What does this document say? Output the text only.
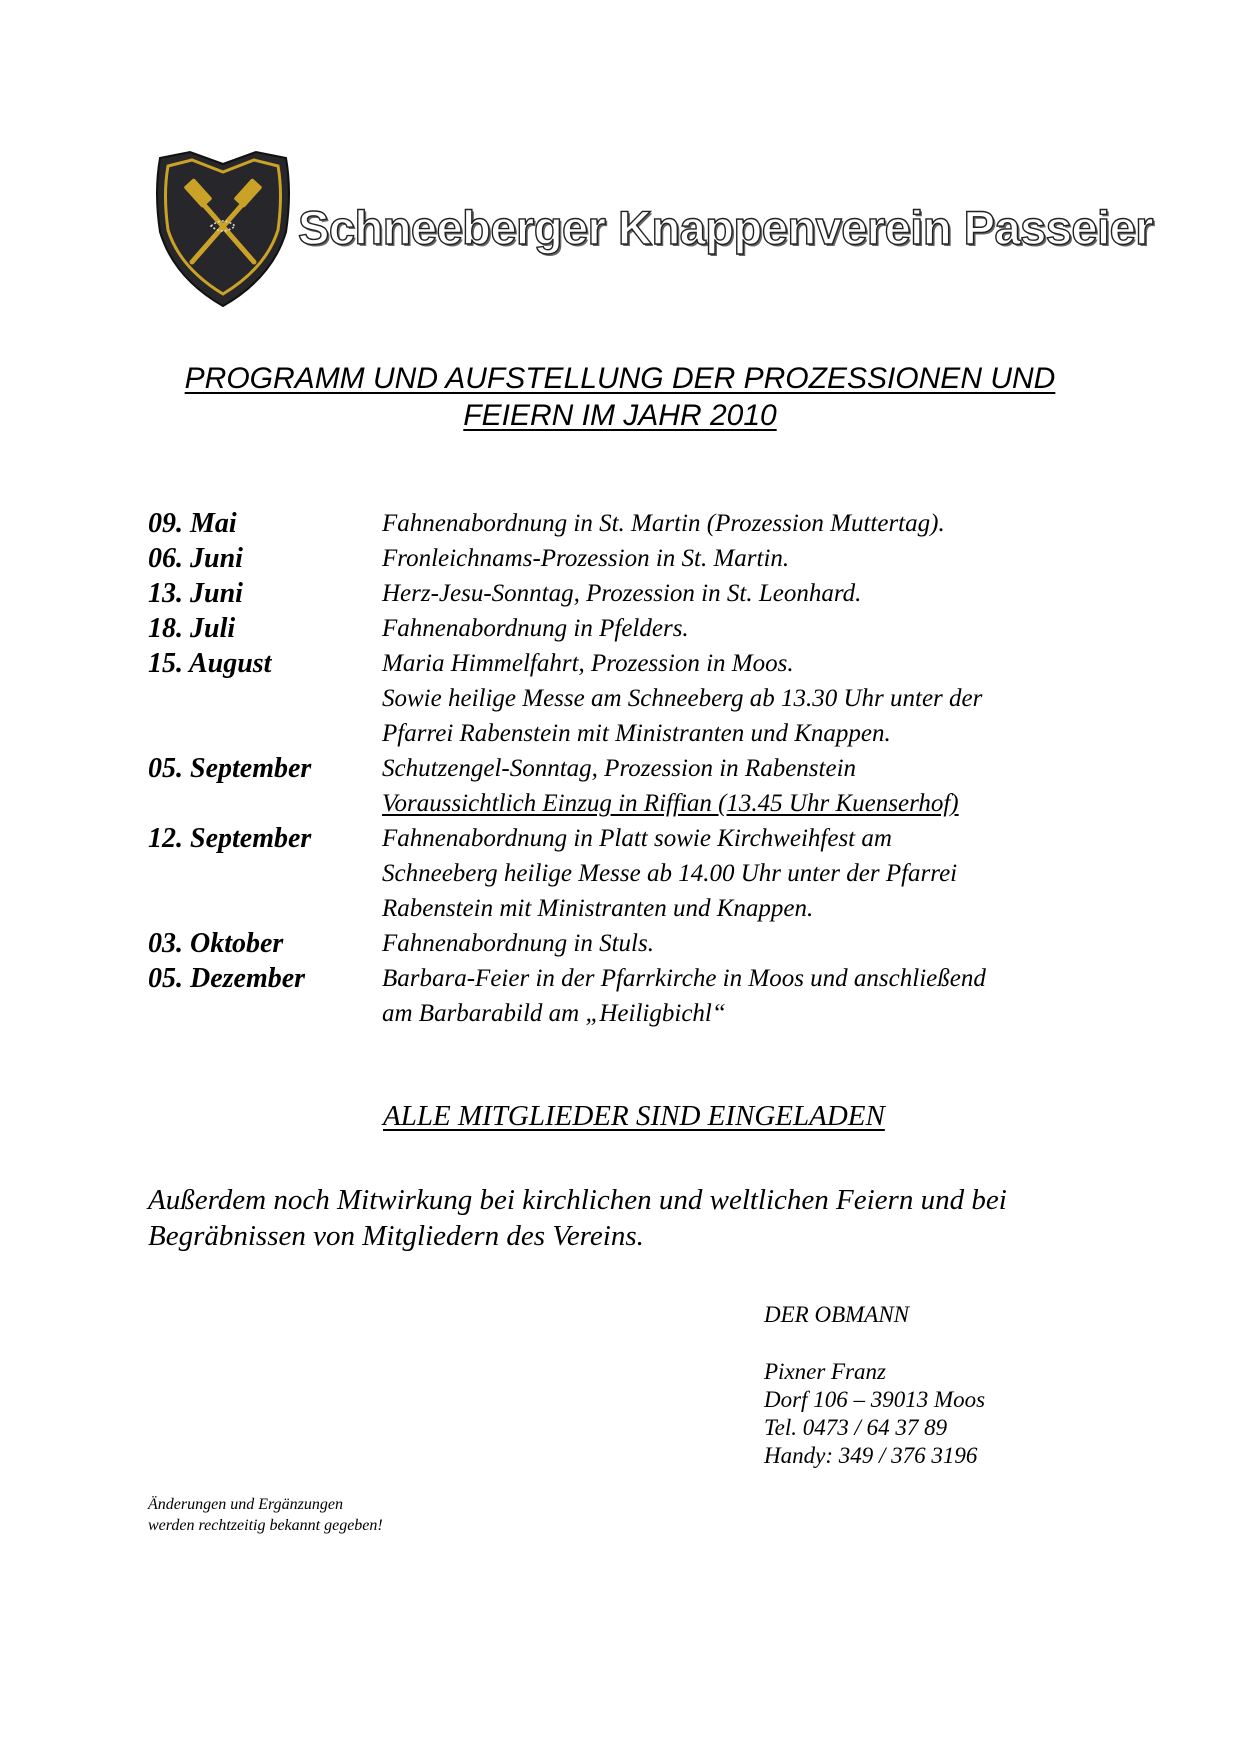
Schneeberger Knappenverein Passeier
PROGRAMM UND AUFSTELLUNG DER PROZESSIONEN UND
FEIERN IM JAHR 2010
09. Mai	Fahnenabordnung in St. Martin (Prozession Muttertag).
06. Juni	Fronleichnams-Prozession in St. Martin.
13. Juni	Herz-Jesu-Sonntag, Prozession in St. Leonhard.
18. Juli	Fahnenabordnung in Pfelders.
15. August	Maria Himmelfahrt, Prozession in Moos.
Sowie heilige Messe am Schneeberg ab 13.30 Uhr unter der
Pfarrei Rabenstein mit Ministranten und Knappen.
05. September	Schutzengel-Sonntag, Prozession in Rabenstein
Voraussichtlich Einzug in Riffian (13.45 Uhr Kuenserhof)
12. September	Fahnenabordnung in Platt sowie Kirchweihfest am
Schneeberg heilige Messe ab 14.00 Uhr unter der Pfarrei
Rabenstein mit Ministranten und Knappen.
03. Oktober	Fahnenabordnung in Stuls.
05. Dezember	Barbara-Feier in der Pfarrkirche in Moos und anschließend
am Barbarabild am „Heiligbichl“
ALLE MITGLIEDER SIND EINGELADEN
Außerdem noch Mitwirkung bei kirchlichen und weltlichen Feiern und bei Begräbnissen von Mitgliedern des Vereins.
DER OBMANN
Pixner Franz
Dorf 106 – 39013 Moos
Tel. 0473 / 64 37 89
Handy: 349 / 376 3196
Änderungen und Ergänzungen
werden rechtzeitig bekannt gegeben!
